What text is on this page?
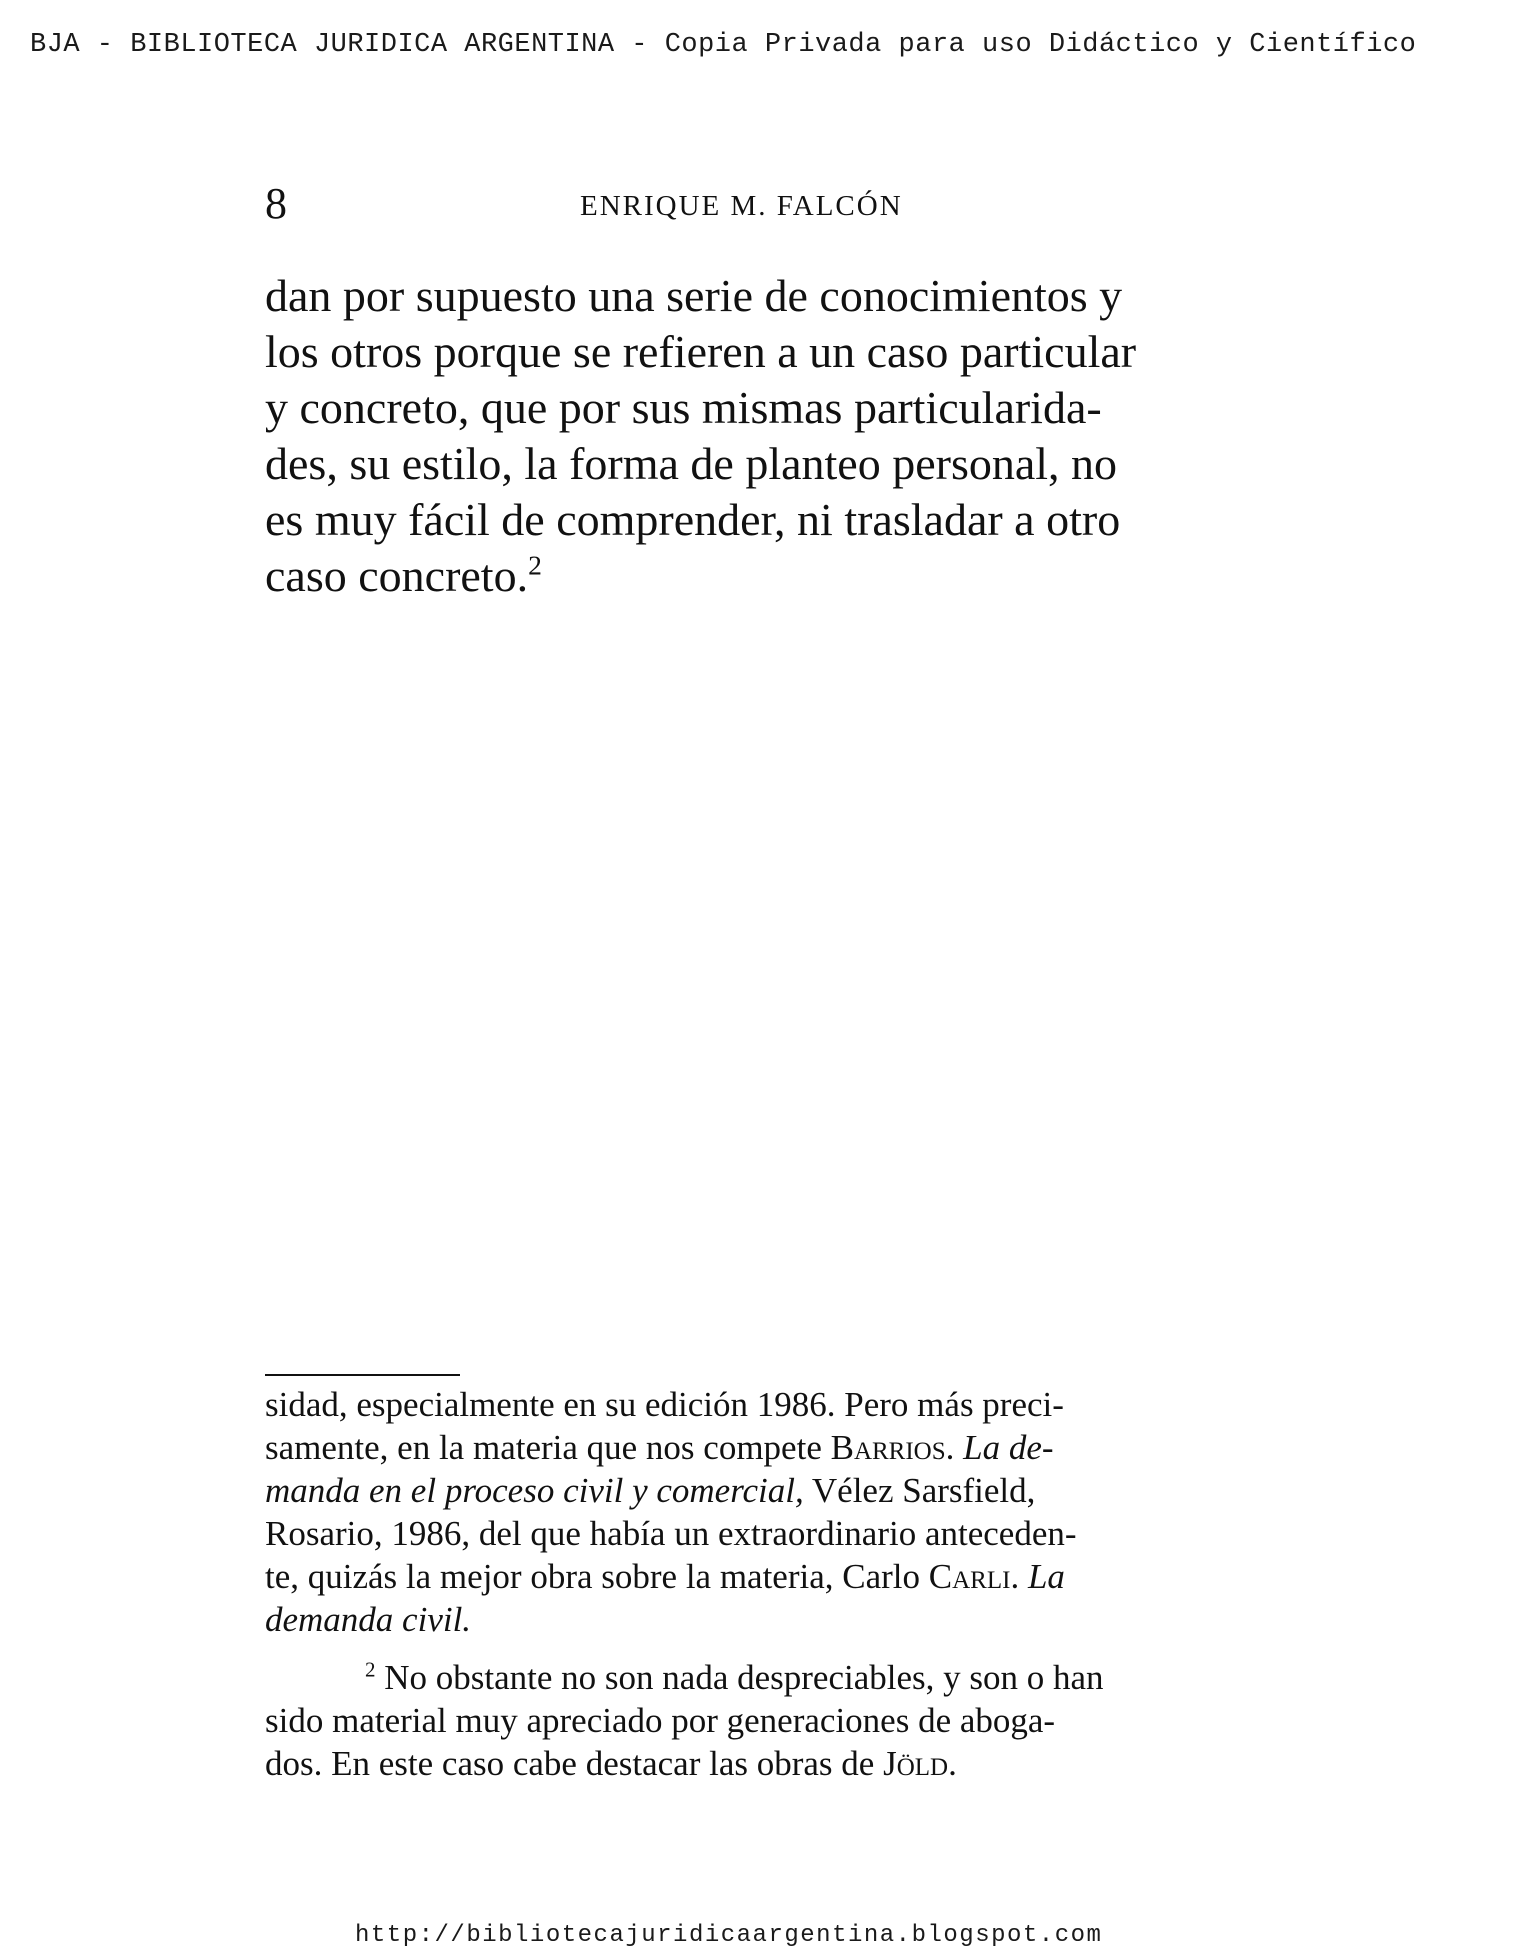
BJA - BIBLIOTECA JURIDICA ARGENTINA - Copia Privada para uso Didáctico y Científico
8	ENRIQUE M. FALCÓN
dan por supuesto una serie de conocimientos y
los otros porque se refieren a un caso particular
y concreto, que por sus mismas particularida-
des, su estilo, la forma de planteo personal, no
es muy fácil de comprender, ni trasladar a otro
caso concreto.$^2$

sidad, especialmente en su edición 1986. Pero más preci-
samente, en la materia que nos compete Barrios. La de-
manda en el proceso civil y comercial, Vélez Sarsfield,
Rosario, 1986, del que había un extraordinario anteceden-
te, quizás la mejor obra sobre la materia, Carlo Carli. La
demanda civil.

$^2$ No obstante no son nada despreciables, y son o han
sido material muy apreciado por generaciones de aboga-
dos. En este caso cabe destacar las obras de Jöld.

http://bibliotecajuridicaargentina.blogspot.com
